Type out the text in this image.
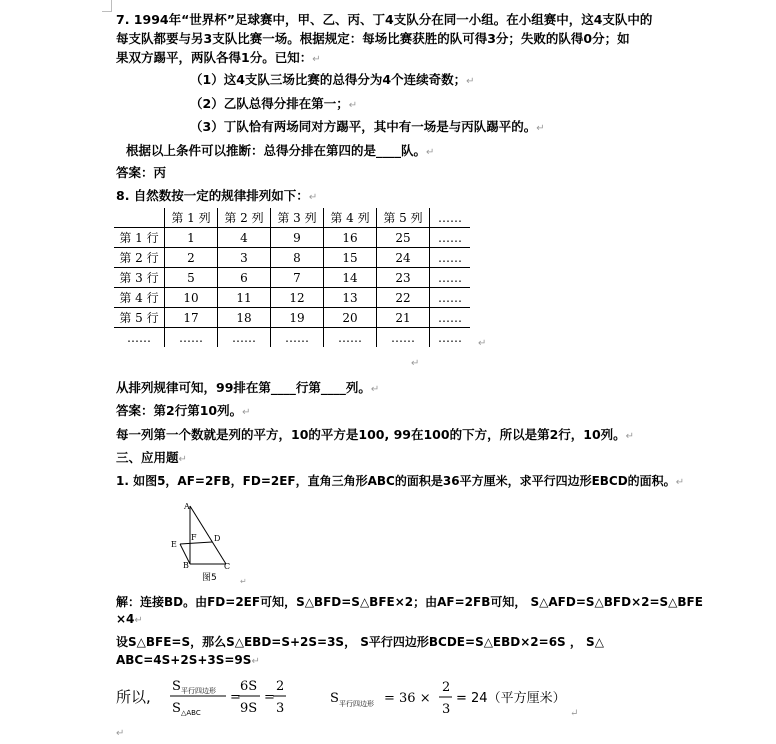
7. 1994年“世界杯”足球赛中，甲、乙、丙、丁4支队分在同一小组。在小组赛中，这4支队中的
每支队都要与另3支队比赛一场。根据规定：每场比赛获胜的队可得3分；失败的队得0分；如
果双方踢平，两队各得1分。已知：↵
（1）这4支队三场比赛的总得分为4个连续奇数；↵
（2）乙队总得分排在第一；↵
（3）丁队恰有两场同对方踢平，其中有一场是与丙队踢平的。↵
根据以上条件可以推断：总得分排在第四的是____队。↵
答案：丙
8. 自然数按一定的规律排列如下：↵
	第 1 列	第 2 列	第 3 列	第 4 列	第 5 列	……
第 1 行	1	4	9	16	25	……
第 2 行	2	3	8	15	24	……
第 3 行	5	6	7	14	23	……
第 4 行	10	11	12	13	22	……
第 5 行	17	18	19	20	21	……
……	……	……	……	……	……	…… ↵
↵
从排列规律可知，99排在第____行第____列。↵
答案：第2行第10列。↵
每一列第一个数就是列的平方，10的平方是100, 99在100的下方，所以是第2行，10列。↵
三、应用题↵
1. 如图5，AF=2FB，FD=2EF，直角三角形ABC的面积是36平方厘米，求平行四边形EBCD的面积。↵
A
F D
E
B	C
图5	↵
解：连接BD。由FD=2EF可知，S△BFD=S△BFE×2；由AF=2FB可知， S△AFD=S△BFD×2=S△BFE
×4↵
设S△BFE=S，那么S△EBD=S+2S=3S， S平行四边形BCDE=S△EBD×2=6S ， S△
ABC=4S+2S+3S=9S↵
所以,
S 平行四边形
S △ABC
=
6S
9S
=
2
3
S 平行四边形 = 36 ×
2
3
= 24（平方厘米）
↵
↵
